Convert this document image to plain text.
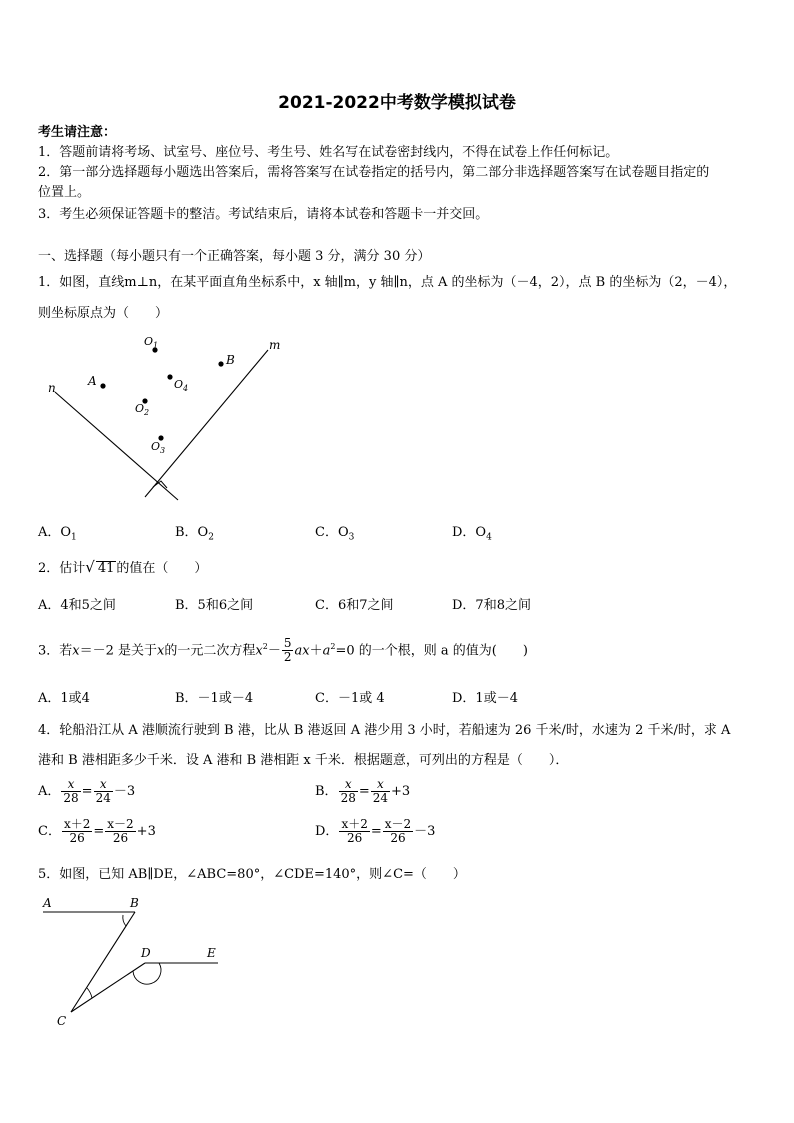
2021-2022中考数学模拟试卷
考生请注意：
1．答题前请将考场、试室号、座位号、考生号、姓名写在试卷密封线内，不得在试卷上作任何标记。
2．第一部分选择题每小题选出答案后，需将答案写在试卷指定的括号内，第二部分非选择题答案写在试卷题目指定的
位置上。
3．考生必须保证答题卡的整洁。考试结束后，请将本试卷和答题卡一并交回。
一、选择题（每小题只有一个正确答案，每小题 3 分，满分 30 分）
1．如图，直线m⊥n，在某平面直角坐标系中，x 轴∥m，y 轴∥n，点 A 的坐标为（－4，2），点 B 的坐标为（2，－4），
则坐标原点为（　　）
n
m
A
B
$O_1$
$O_4$
$O_2$
$O_3$
A．$O_1$	B．$O_2$	C．$O_3$	D．$O_4$
2．估计√ 41 的值在（　　）
A．4和5之间	B．5和6之间	C．6和7之间	D．7和8之间
3．若x＝－2 是关于x的一元二次方程$x^2- \frac{5}{2} ax+a^2=0$ 的一个根，则 a 的值为(　　)
A．1或4	B．－1或－4	C．－1或 4	D．1或－4
4．轮船沿江从 A 港顺流行驶到 B 港，比从 B 港返回 A 港少用 3 小时，若船速为 26 千米/时，水速为 2 千米/时，求 A
港和 B 港相距多少千米．设 A 港和 B 港相距 x 千米．根据题意，可列出的方程是（　　）．
A． $\frac{x}{28} = \frac{x}{24} -3$	B． $\frac{x}{28} = \frac{x}{24} +3$
C． $\frac{x+2}{26} = \frac{x-2}{26} +3$	D． $\frac{x+2}{26} = \frac{x-2}{26} -3$
5．如图，已知 AB∥DE，∠ABC=80°，∠CDE=140°，则∠C=（　　）
A	B
C
D	E
